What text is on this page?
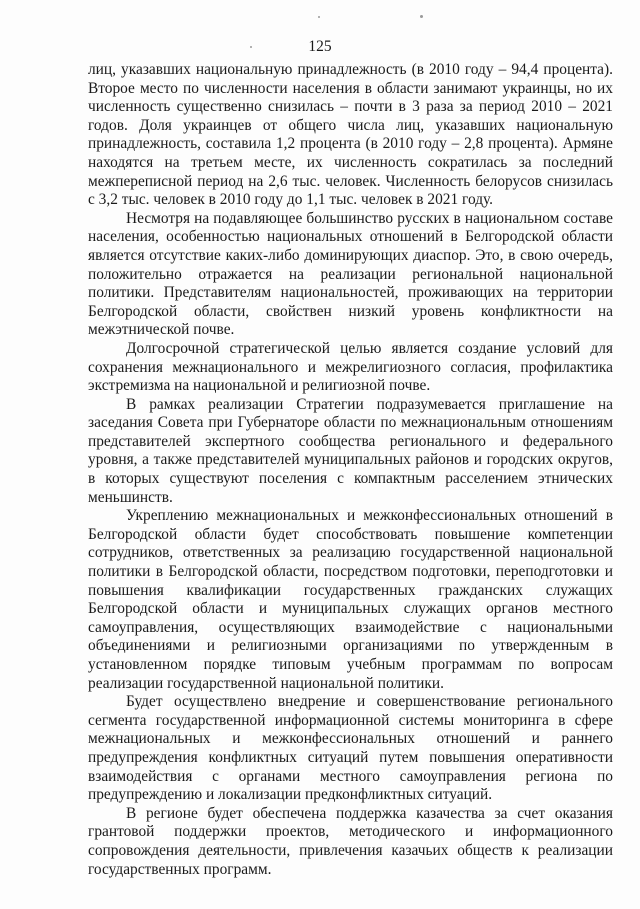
125

лиц, указавших национальную принадлежность (в 2010 году – 94,4 процента). Второе место по численности населения в области занимают украинцы, но их численность существенно снизилась – почти в 3 раза за период 2010 – 2021 годов. Доля украинцев от общего числа лиц, указавших национальную принадлежность, составила 1,2 процента (в 2010 году – 2,8 процента). Армяне находятся на третьем месте, их численность сократилась за последний межпереписной период на 2,6 тыс. человек. Численность белорусов снизилась с 3,2 тыс. человек в 2010 году до 1,1 тыс. человек в 2021 году.

Несмотря на подавляющее большинство русских в национальном составе населения, особенностью национальных отношений в Белгородской области является отсутствие каких-либо доминирующих диаспор. Это, в свою очередь, положительно отражается на реализации региональной национальной политики. Представителям национальностей, проживающих на территории Белгородской области, свойствен низкий уровень конфликтности на межэтнической почве.

Долгосрочной стратегической целью является создание условий для сохранения межнационального и межрелигиозного согласия, профилактика экстремизма на национальной и религиозной почве.

В рамках реализации Стратегии подразумевается приглашение на заседания Совета при Губернаторе области по межнациональным отношениям представителей экспертного сообщества регионального и федерального уровня, а также представителей муниципальных районов и городских округов, в которых существуют поселения с компактным расселением этнических меньшинств.

Укреплению межнациональных и межконфессиональных отношений в Белгородской области будет способствовать повышение компетенции сотрудников, ответственных за реализацию государственной национальной политики в Белгородской области, посредством подготовки, переподготовки и повышения квалификации государственных гражданских служащих Белгородской области и муниципальных служащих органов местного самоуправления, осуществляющих взаимодействие с национальными объединениями и религиозными организациями по утвержденным в установленном порядке типовым учебным программам по вопросам реализации государственной национальной политики.

Будет осуществлено внедрение и совершенствование регионального сегмента государственной информационной системы мониторинга в сфере межнациональных и межконфессиональных отношений и раннего предупреждения конфликтных ситуаций путем повышения оперативности взаимодействия с органами местного самоуправления региона по предупреждению и локализации предконфликтных ситуаций.

В регионе будет обеспечена поддержка казачества за счет оказания грантовой поддержки проектов, методического и информационного сопровождения деятельности, привлечения казачьих обществ к реализации государственных программ.
